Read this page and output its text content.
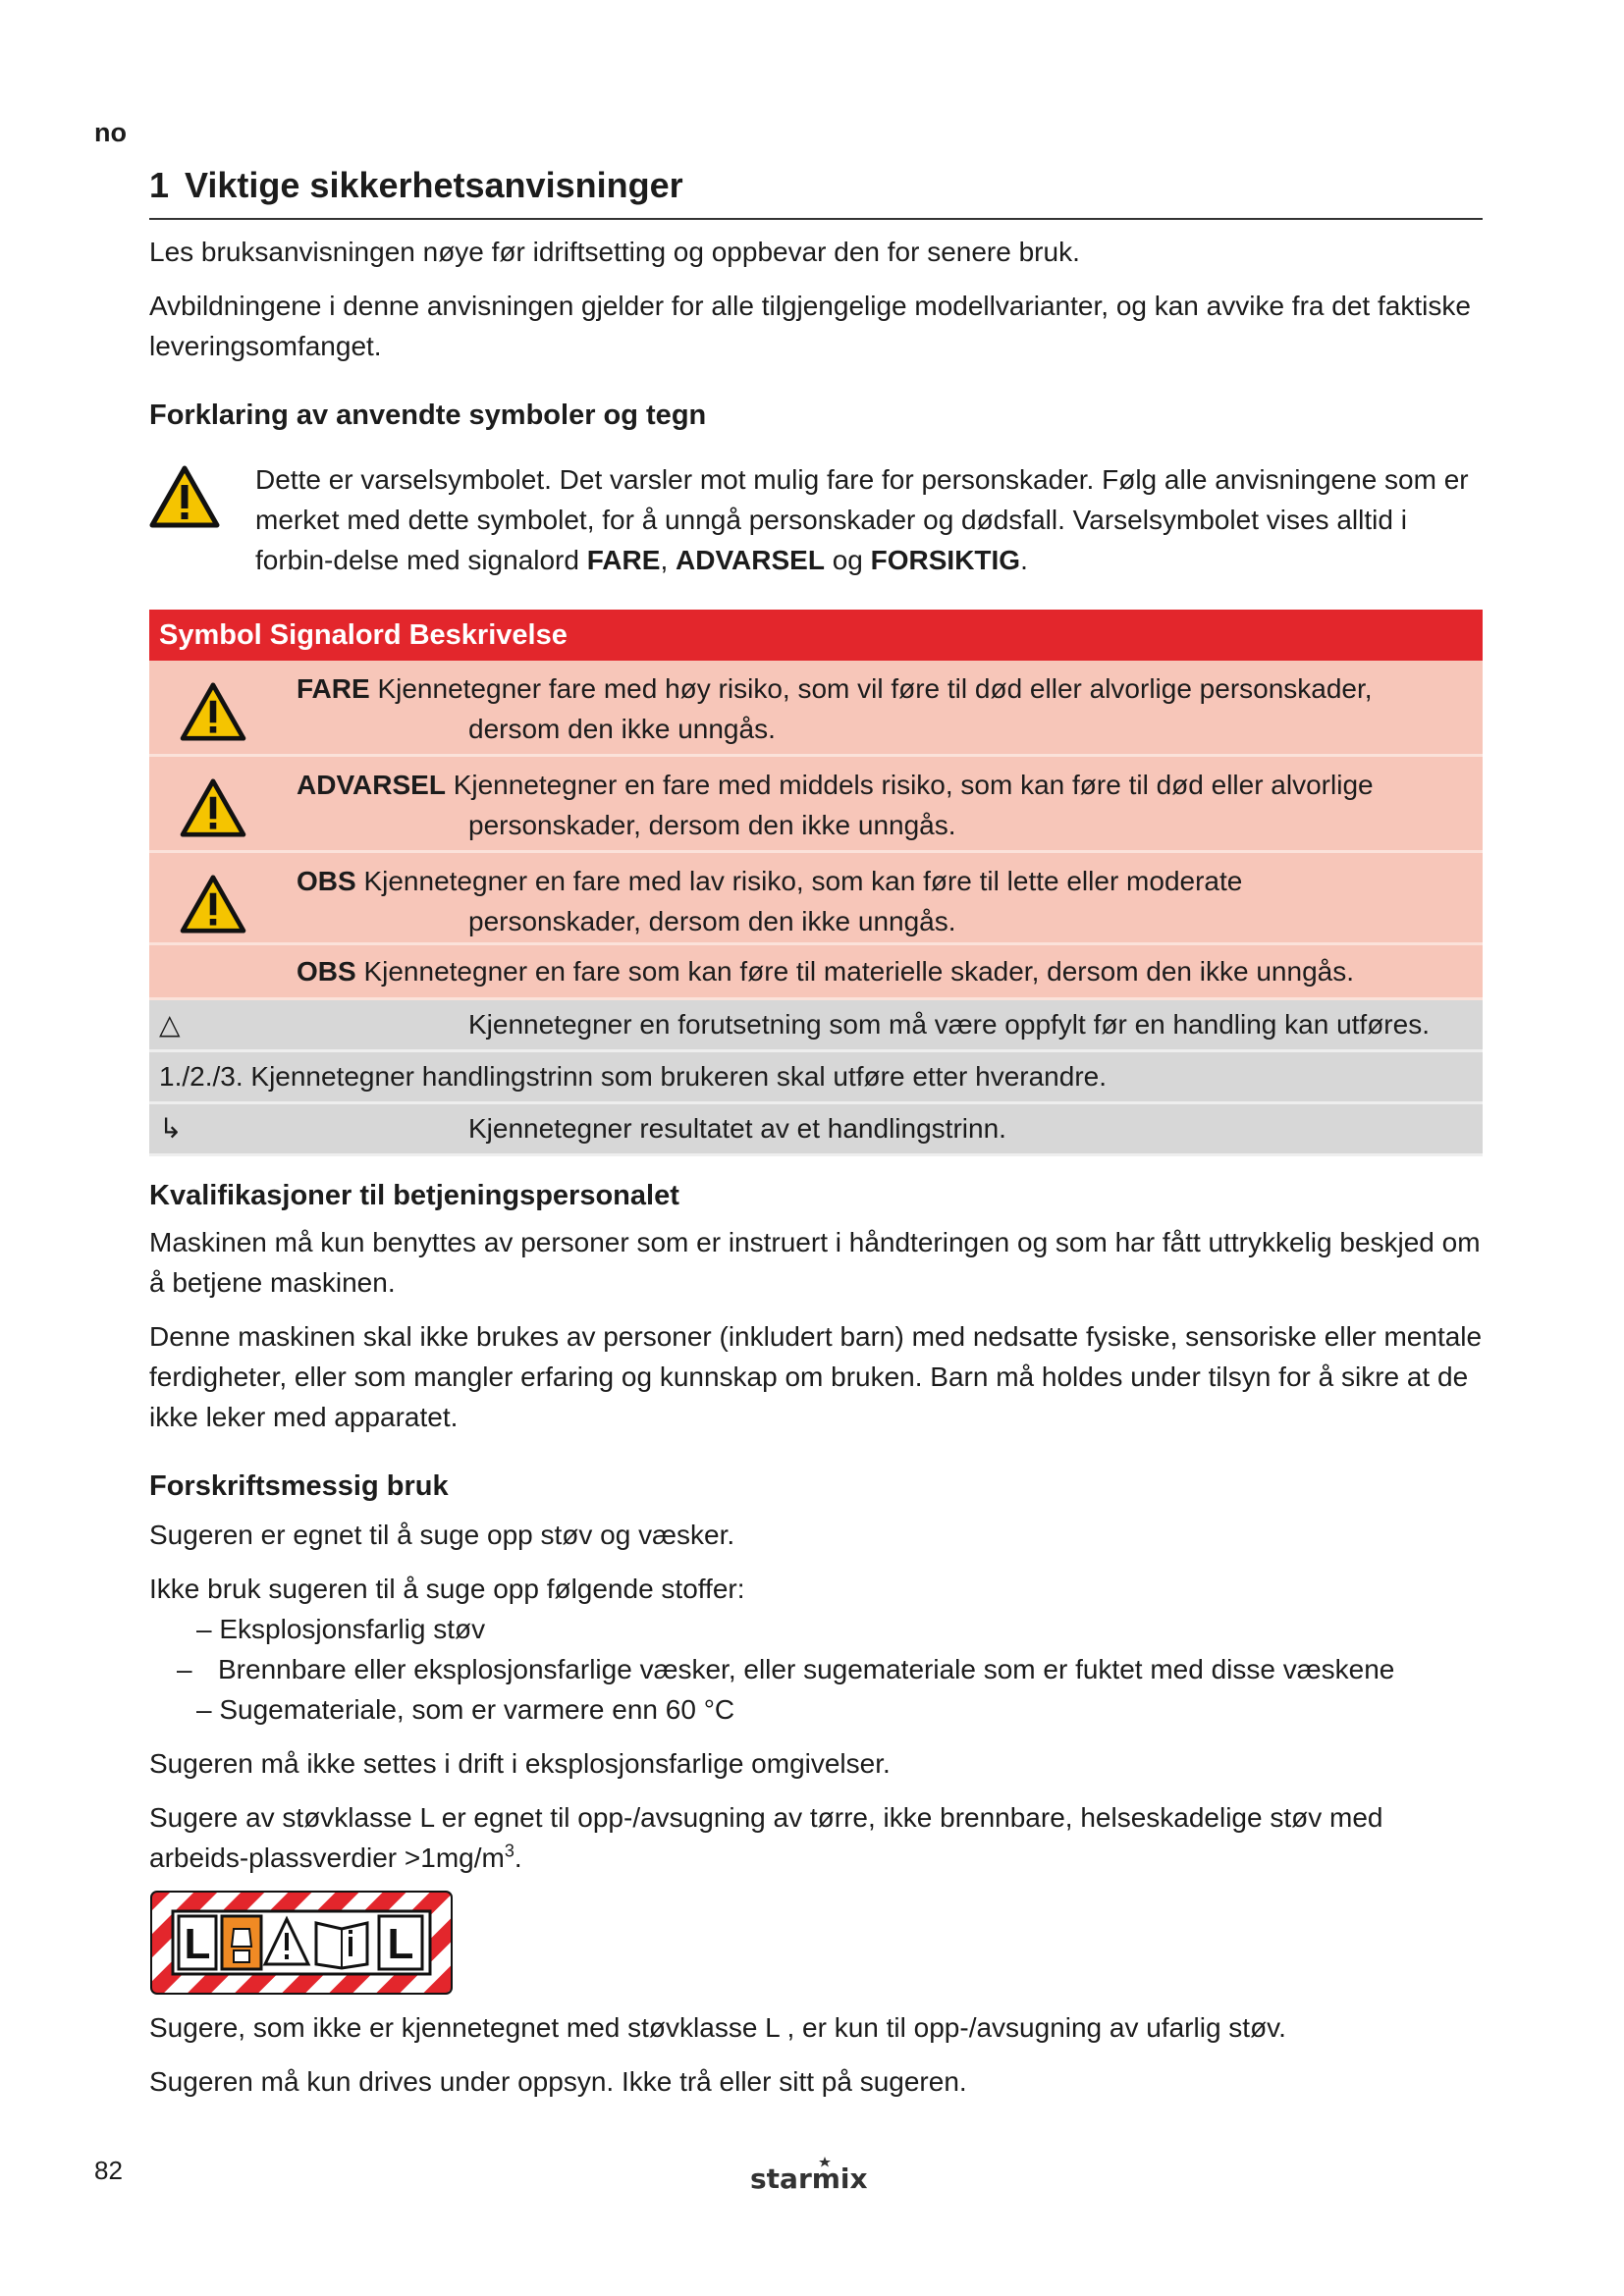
no
1 Viktige sikkerhetsanvisninger

Les bruksanvisningen nøye før idriftsetting og oppbevar den for senere bruk.

Avbildningene i denne anvisningen gjelder for alle tilgjengelige modellvarianter, og kan avvike fra det faktiske leveringsomfanget.

Forklaring av anvendte symboler og tegn

Dette er varselsymbolet. Det varsler mot mulig fare for personskader. Følg alle anvisningene som er merket med dette symbolet, for å unngå personskader og dødsfall. Varselsymbolet vises alltid i forbin-delse med signalord FARE, ADVARSEL og FORSIKTIG.

Symbol Signalord Beskrivelse
FARE Kjennetegner fare med høy risiko, som vil føre til død eller alvorlige personskader,
dersom den ikke unngås.
ADVARSEL Kjennetegner en fare med middels risiko, som kan føre til død eller alvorlige
personskader, dersom den ikke unngås.
OBS Kjennetegner en fare med lav risiko, som kan føre til lette eller moderate
personskader, dersom den ikke unngås.
OBS Kjennetegner en fare som kan føre til materielle skader, dersom den ikke unngås.
△	Kjennetegner en forutsetning som må være oppfylt før en handling kan utføres.
1./2./3. Kjennetegner handlingstrinn som brukeren skal utføre etter hverandre.
↳	Kjennetegner resultatet av et handlingstrinn.
Kvalifikasjoner til betjeningspersonalet

Maskinen må kun benyttes av personer som er instruert i håndteringen og som har fått uttrykkelig beskjed om å betjene maskinen.

Denne maskinen skal ikke brukes av personer (inkludert barn) med nedsatte fysiske, sensoriske eller mentale ferdigheter, eller som mangler erfaring og kunnskap om bruken. Barn må holdes under tilsyn for å sikre at de ikke leker med apparatet.

Forskriftsmessig bruk

Sugeren er egnet til å suge opp støv og væsker.

Ikke bruk sugeren til å suge opp følgende stoffer:

– Eksplosjonsfarlig støv
– Brennbare eller eksplosjonsfarlige væsker, eller sugemateriale som er fuktet med disse væskene
– Sugemateriale, som er varmere enn 60 °C

Sugeren må ikke settes i drift i eksplosjonsfarlige omgivelser.

Sugere av støvklasse L er egnet til opp-/avsugning av tørre, ikke brennbare, helseskadelige støv med arbeids-plassverdier $>1mg/m^3$.

L	L

Sugere, som ikke er kjennetegnet med støvklasse L , er kun til opp-/avsugning av ufarlig støv.

Sugeren må kun drives under oppsyn. Ikke trå eller sitt på sugeren.

82	starmix
